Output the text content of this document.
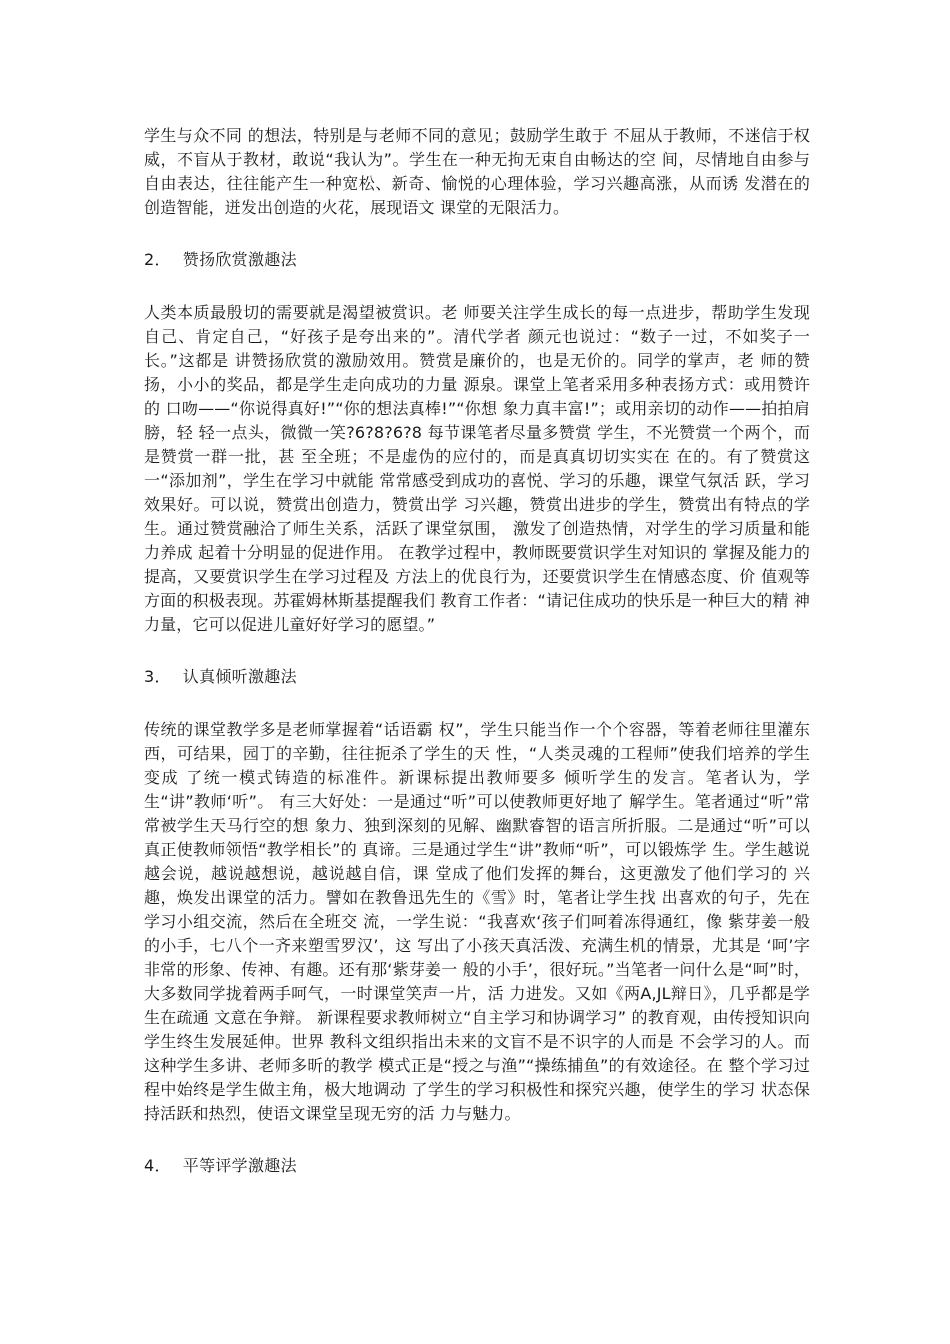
学生与众不同 的想法，特别是与老师不同的意见；鼓励学生敢于 不屈从于教师，不迷信于权威，不盲从于教材，敢说“我认为”。学生在一种无拘无束自由畅达的空 间，尽情地自由参与自由表达，往往能产生一种宽松、新奇、愉悦的心理体验，学习兴趣高涨，从而诱 发潜在的创造智能，迸发出创造的火花，展现语文 课堂的无限活力。

2． 赞扬欣赏激趣法

人类本质最殷切的需要就是渴望被赏识。老 师要关注学生成长的每一点进步，帮助学生发现自己、肯定自己，“好孩子是夸出来的”。清代学者 颜元也说过：“数子一过，不如奖子一长。”这都是 讲赞扬欣赏的激励效用。赞赏是廉价的，也是无价的。同学的掌声，老 师的赞扬，小小的奖品，都是学生走向成功的力量 源泉。课堂上笔者采用多种表扬方式：或用赞许的 口吻——“你说得真好!”“你的想法真棒!”“你想 象力真丰富!”；或用亲切的动作——拍拍肩膀，轻 轻一点头，微微一笑?6?8?6?8 每节课笔者尽量多赞赏 学生，不光赞赏一个两个，而是赞赏一群一批，甚 至全班；不是虚伪的应付的，而是真真切切实实在 在的。有了赞赏这一“添加剂”，学生在学习中就能 常常感受到成功的喜悦、学习的乐趣，课堂气氛活 跃，学习效果好。可以说，赞赏出创造力，赞赏出学 习兴趣，赞赏出进步的学生，赞赏出有特点的学生。通过赞赏融洽了师生关系，活跃了课堂氛围， 激发了创造热情，对学生的学习质量和能力养成 起着十分明显的促进作用。 在教学过程中，教师既要赏识学生对知识的 掌握及能力的提高，又要赏识学生在学习过程及 方法上的优良行为，还要赏识学生在情感态度、价 值观等方面的积极表现。苏霍姆林斯基提醒我们 教育工作者：“请记住成功的快乐是一种巨大的精 神力量，它可以促进儿童好好学习的愿望。”

3． 认真倾听激趣法

传统的课堂教学多是老师掌握着“话语霸 权”，学生只能当作一个个容器，等着老师往里灌东西，可结果，园丁的辛勤，往往扼杀了学生的天 性，“人类灵魂的工程师”使我们培养的学生变成 了统一模式铸造的标准件。新课标提出教师要多 倾听学生的发言。笔者认为，学生“讲”教师‘听”。 有三大好处：一是通过“听”可以使教师更好地了 解学生。笔者通过“听”常常被学生天马行空的想 象力、独到深刻的见解、幽默睿智的语言所折服。二是通过“听”可以真正使教师领悟“教学相长”的 真谛。三是通过学生“讲”教师“听”，可以锻炼学 生。学生越说越会说，越说越想说，越说越自信，课 堂成了他们发挥的舞台，这更激发了他们学习的 兴趣，焕发出课堂的活力。譬如在教鲁迅先生的《雪》时，笔者让学生找 出喜欢的句子，先在学习小组交流，然后在全班交 流，一学生说：“我喜欢‘孩子们呵着冻得通红，像 紫芽姜一般的小手，七八个一齐来塑雪罗汉’，这 写出了小孩天真活泼、充满生机的情景，尤其是 ‘呵’字非常的形象、传神、有趣。还有那‘紫芽姜一 般的小手’，很好玩。”当笔者一问什么是“呵”时， 大多数同学拢着两手呵气，一时课堂笑声一片，活 力进发。又如《两A,JL辩日》，几乎都是学生在疏通 文意在争辩。 新课程要求教师树立“自主学习和协调学习” 的教育观，由传授知识向学生终生发展延伸。世界 教科文组织指出未来的文盲不是不识字的人而是 不会学习的人。而这种学生多讲、老师多昕的教学 模式正是“授之与渔”“操练捕鱼”的有效途径。在 整个学习过程中始终是学生做主角，极大地调动 了学生的学习积极性和探究兴趣，使学生的学习 状态保持活跃和热烈，使语文课堂呈现无穷的活 力与魅力。

4． 平等评学激趣法
